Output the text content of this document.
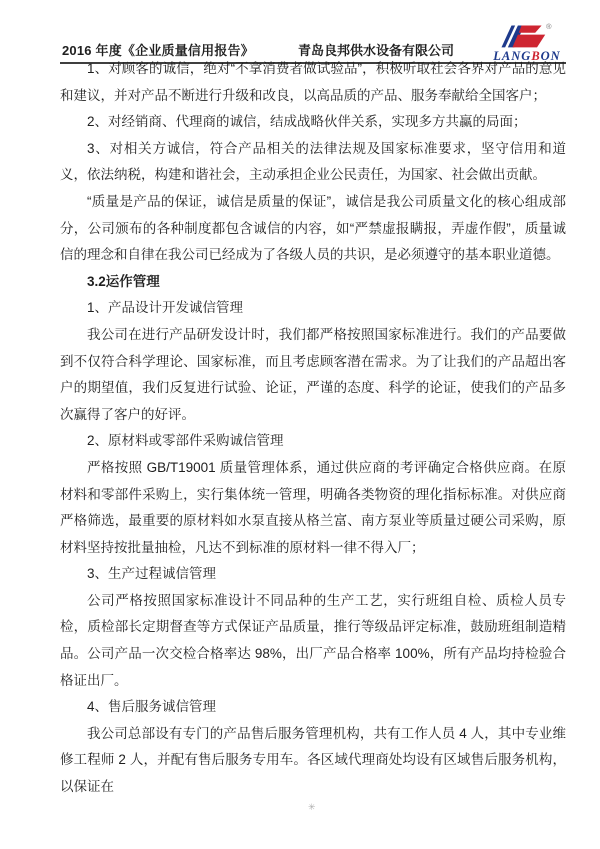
2016 年度《企业质量信用报告》	青岛良邦供水设备有限公司
®
LANGBON

1、对顾客的诚信，绝对“不拿消费者做试验品”，积极听取社会各界对产品的意见和建议，并对产品不断进行升级和改良，以高品质的产品、服务奉献给全国客户；

2、对经销商、代理商的诚信，结成战略伙伴关系，实现多方共赢的局面；

3、对相关方诚信，符合产品相关的法律法规及国家标准要求，坚守信用和道义，依法纳税，构建和谐社会，主动承担企业公民责任，为国家、社会做出贡献。

“质量是产品的保证，诚信是质量的保证”，诚信是我公司质量文化的核心组成部分，公司颁布的各种制度都包含诚信的内容，如“严禁虚报瞒报，弄虚作假”，质量诚信的理念和自律在我公司已经成为了各级人员的共识，是必须遵守的基本职业道德。

3.2运作管理

1、产品设计开发诚信管理

我公司在进行产品研发设计时，我们都严格按照国家标准进行。我们的产品要做到不仅符合科学理论、国家标准，而且考虑顾客潜在需求。为了让我们的产品超出客户的期望值，我们反复进行试验、论证，严谨的态度、科学的论证，使我们的产品多次赢得了客户的好评。

2、原材料或零部件采购诚信管理

严格按照 GB/T19001 质量管理体系，通过供应商的考评确定合格供应商。在原材料和零部件采购上，实行集体统一管理，明确各类物资的理化指标标准。对供应商严格筛选，最重要的原材料如水泵直接从格兰富、南方泵业等质量过硬公司采购，原材料坚持按批量抽检，凡达不到标准的原材料一律不得入厂；

3、生产过程诚信管理

公司严格按照国家标准设计不同品种的生产工艺，实行班组自检、质检人员专检，质检部长定期督查等方式保证产品质量，推行等级品评定标准，鼓励班组制造精品。公司产品一次交检合格率达 98%，出厂产品合格率 100%，所有产品均持检验合格证出厂。

4、售后服务诚信管理

我公司总部设有专门的产品售后服务管理机构，共有工作人员 4 人，其中专业维修工程师 2 人，并配有售后服务专用车。各区域代理商处均设有区域售后服务机构，以保证在

✳
